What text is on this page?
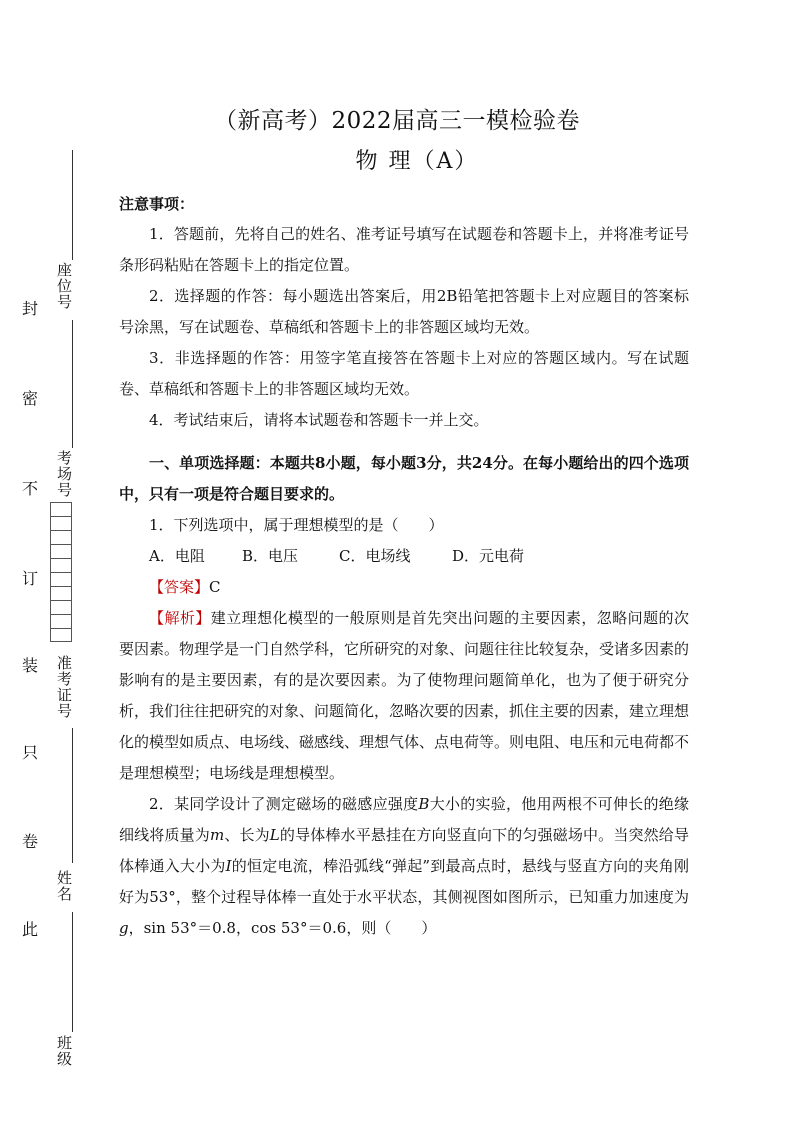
（新高考）2022届高三一模检验卷
物 理（A）
注意事项：
1．答题前，先将自己的姓名、准考证号填写在试题卷和答题卡上，并将准考证号条形码粘贴在答题卡上的指定位置。
2．选择题的作答：每小题选出答案后，用2B铅笔把答题卡上对应题目的答案标号涂黑，写在试题卷、草稿纸和答题卡上的非答题区域均无效。
3．非选择题的作答：用签字笔直接答在答题卡上对应的答题区域内。写在试题卷、草稿纸和答题卡上的非答题区域均无效。
4．考试结束后，请将本试题卷和答题卡一并上交。
一、单项选择题：本题共8小题，每小题3分，共24分。在每小题给出的四个选项中，只有一项是符合题目要求的。
1．下列选项中，属于理想模型的是（　　）
A．电阻 B．电压	C．电场线	D．元电荷
【答案】C
【解析】建立理想化模型的一般原则是首先突出问题的主要因素，忽略问题的次要因素。物理学是一门自然学科，它所研究的对象、问题往往比较复杂，受诸多因素的影响有的是主要因素，有的是次要因素。为了使物理问题简单化，也为了便于研究分析，我们往往把研究的对象、问题简化，忽略次要的因素，抓住主要的因素，建立理想化的模型如质点、电场线、磁感线、理想气体、点电荷等。则电阻、电压和元电荷都不是理想模型；电场线是理想模型。
2．某同学设计了测定磁场的磁感应强度B大小的实验，他用两根不可伸长的绝缘细线将质量为m、长为L的导体棒水平悬挂在方向竖直向下的匀强磁场中。当突然给导体棒通入大小为I的恒定电流，棒沿弧线“弹起”到最高点时，悬线与竖直方向的夹角刚好为53°，整个过程导体棒一直处于水平状态，其侧视图如图所示，已知重力加速度为g，sin 53°＝0.8，cos 53°＝0.6，则（　　）
封
密
不
订
装
只
卷
此
座位号
考场号
准考证号
姓名
班级
